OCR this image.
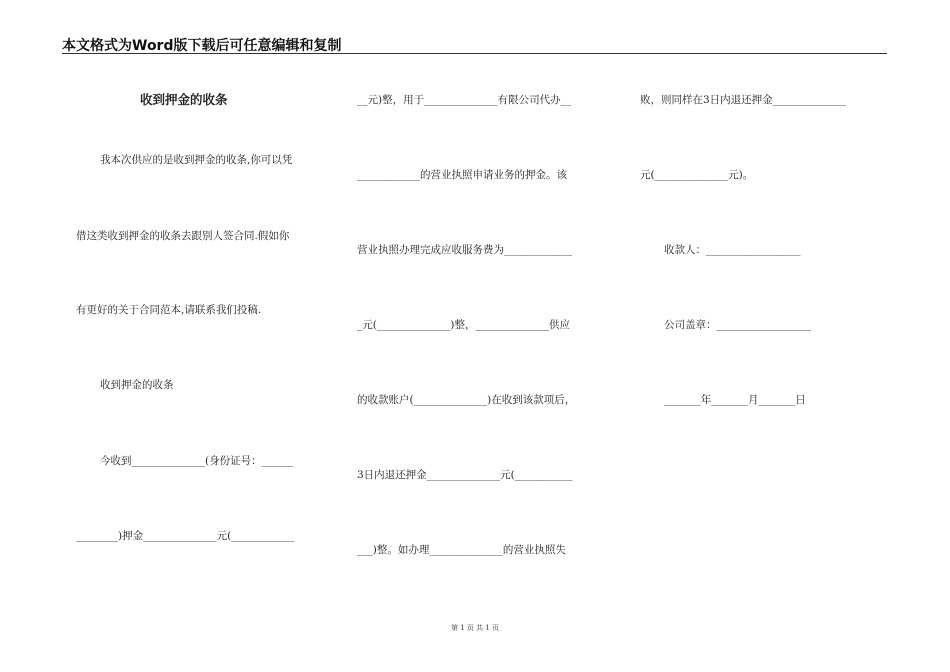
本文格式为Word版下载后可任意编辑和复制
收到押金的收条
我本次供应的是收到押金的收条,你可以凭
借这类收到押金的收条去跟别人签合同.假如你
有更好的关于合同范本,请联系我们投稿.
收到押金的收条
今收到______________(身份证号：______
________)押金______________元(____________
__元)整，用于______________有限公司代办__
____________的营业执照申请业务的押金。该
营业执照办理完成应收服务费为_____________
_元(______________)整，______________供应
的收款账户(______________)在收到该款项后，
3日内退还押金______________元(___________
___)整。如办理______________的营业执照失
败，则同样在3日内退还押金______________
元(______________元)。
收款人：__________________
公司盖章：__________________
_______年_______月_______日
第 1 页 共 1 页
